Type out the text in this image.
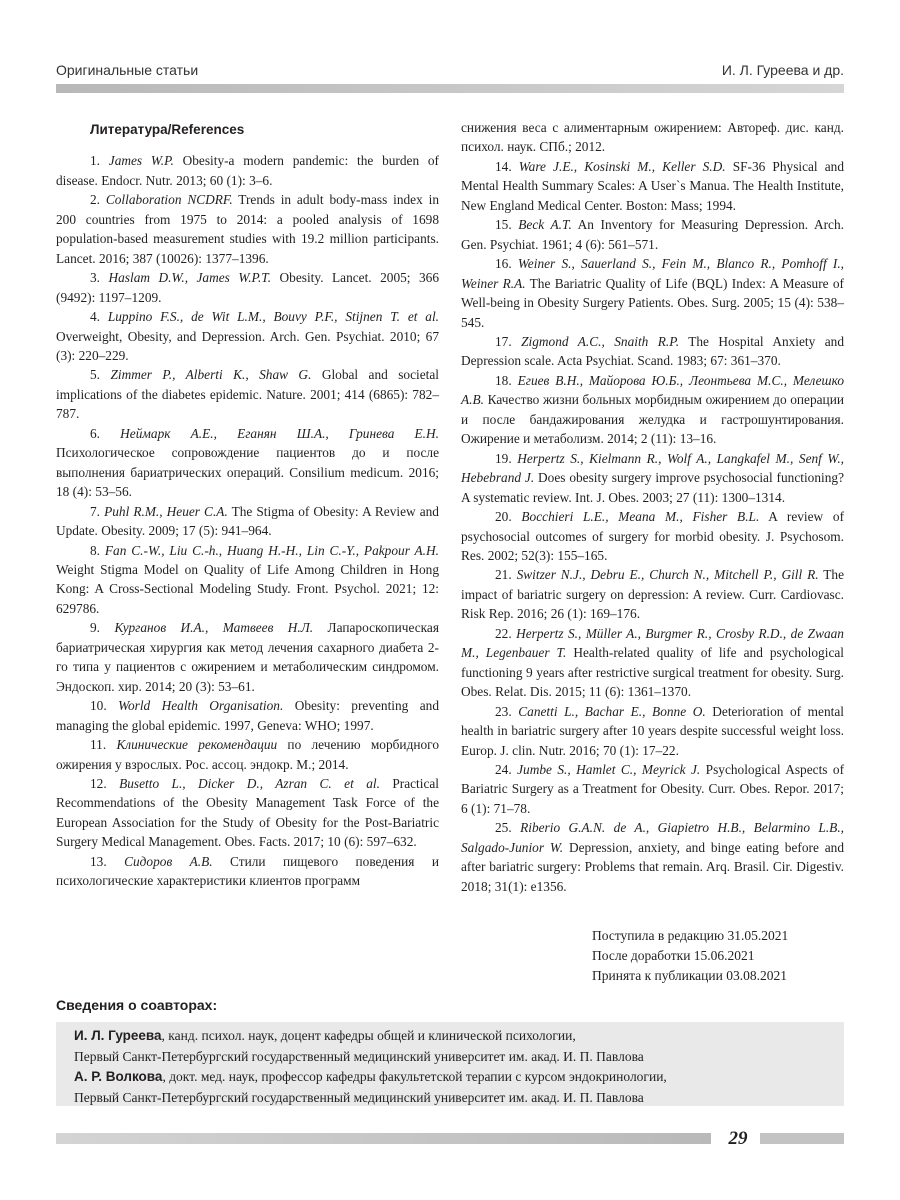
Оригинальные статьи	И. Л. Гуреева и др.
Литература/References

1. James W.P. Obesity-a modern pandemic: the burden of disease. Endocr. Nutr. 2013; 60 (1): 3–6.

2. Collaboration NCDRF. Trends in adult body-mass index in 200 countries from 1975 to 2014: a pooled analysis of 1698 population-based measurement studies with 19.2 million participants. Lancet. 2016; 387 (10026): 1377–1396.

3. Haslam D.W., James W.P.T. Obesity. Lancet. 2005; 366 (9492): 1197–1209.

4. Luppino F.S., de Wit L.M., Bouvy P.F., Stijnen T. et al. Overweight, Obesity, and Depression. Arch. Gen. Psychiat. 2010; 67 (3): 220–229.

5. Zimmer P., Alberti K., Shaw G. Global and societal implications of the diabetes epidemic. Nature. 2001; 414 (6865): 782–787.

6. Неймарк А.Е., Еганян Ш.А., Гринева Е.Н. Психологическое сопровождение пациентов до и после выполнения бариатрических операций. Consilium medicum. 2016; 18 (4): 53–56.

7. Puhl R.M., Heuer C.A. The Stigma of Obesity: A Review and Update. Obesity. 2009; 17 (5): 941–964.

8. Fan C.-W., Liu C.-h., Huang H.-H., Lin C.-Y., Pakpour A.H. Weight Stigma Model on Quality of Life Among Children in Hong Kong: A Cross-Sectional Modeling Study. Front. Psychol. 2021; 12: 629786.

9. Курганов И.А., Матвеев Н.Л. Лапароскопическая бариатрическая хирургия как метод лечения сахарного диабета 2-го типа у пациентов с ожирением и метаболическим синдромом. Эндоскоп. хир. 2014; 20 (3): 53–61.

10. World Health Organisation. Obesity: preventing and managing the global epidemic. 1997, Geneva: WHO; 1997.

11. Клинические рекомендации по лечению морбидного ожирения у взрослых. Рос. ассоц. эндокр. М.; 2014.

12. Busetto L., Dicker D., Azran C. et al. Practical Recommendations of the Obesity Management Task Force of the European Association for the Study of Obesity for the Post-Bariatric Surgery Medical Management. Obes. Facts. 2017; 10 (6): 597–632.

13. Сидоров А.В. Стили пищевого поведения и психологические характеристики клиентов программ

снижения веса с алиментарным ожирением: Автореф. дис. канд. психол. наук. СПб.; 2012.

14. Ware J.E., Kosinski M., Keller S.D. SF-36 Physical and Mental Health Summary Scales: A User`s Manua. The Health Institute, New England Medical Center. Boston: Mass; 1994.

15. Beck A.T. An Inventory for Measuring Depression. Arch. Gen. Psychiat. 1961; 4 (6): 561–571.

16. Weiner S., Sauerland S., Fein M., Blanco R., Pomhoff I., Weiner R.A. The Bariatric Quality of Life (BQL) Index: A Measure of Well-being in Obesity Surgery Patients. Obes. Surg. 2005; 15 (4): 538–545.

17. Zigmond A.C., Snaith R.P. The Hospital Anxiety and Depression scale. Acta Psychiat. Scand. 1983; 67: 361–370.

18. Егиев В.Н., Майорова Ю.Б., Леонтьева М.С., Мелешко А.В. Качество жизни больных морбидным ожирением до операции и после бандажирования желудка и гастрошунтирования. Ожирение и метаболизм. 2014; 2 (11): 13–16.

19. Herpertz S., Kielmann R., Wolf A., Langkafel M., Senf W., Hebebrand J. Does obesity surgery improve psychosocial functioning? A systematic review. Int. J. Obes. 2003; 27 (11): 1300–1314.

20. Bocchieri L.E., Meana M., Fisher B.L. A review of psychosocial outcomes of surgery for morbid obesity. J. Psychosom. Res. 2002; 52(3): 155–165.

21. Switzer N.J., Debru E., Church N., Mitchell P., Gill R. The impact of bariatric surgery on depression: A review. Curr. Cardiovasc. Risk Rep. 2016; 26 (1): 169–176.

22. Herpertz S., Müller A., Burgmer R., Crosby R.D., de Zwaan M., Legenbauer T. Health-related quality of life and psychological functioning 9 years after restrictive surgical treatment for obesity. Surg. Obes. Relat. Dis. 2015; 11 (6): 1361–1370.

23. Canetti L., Bachar E., Bonne O. Deterioration of mental health in bariatric surgery after 10 years despite successful weight loss. Europ. J. clin. Nutr. 2016; 70 (1): 17–22.

24. Jumbe S., Hamlet C., Meyrick J. Psychological Aspects of Bariatric Surgery as a Treatment for Obesity. Curr. Obes. Repor. 2017; 6 (1): 71–78.

25. Riberio G.A.N. de A., Giapietro H.B., Belarmino L.B., Salgado-Junior W. Depression, anxiety, and binge eating before and after bariatric surgery: Problems that remain. Arq. Brasil. Cir. Digestiv. 2018; 31(1): e1356.

Поступила в редакцию 31.05.2021
После доработки 15.06.2021
Принята к публикации 03.08.2021
Сведения о соавторах:
И. Л. Гуреева, канд. психол. наук, доцент кафедры общей и клинической психологии,
Первый Санкт-Петербургский государственный медицинский университет им. акад. И. П. Павлова
А. Р. Волкова, докт. мед. наук, профессор кафедры факультетской терапии с курсом эндокринологии,
Первый Санкт-Петербургский государственный медицинский университет им. акад. И. П. Павлова
29
